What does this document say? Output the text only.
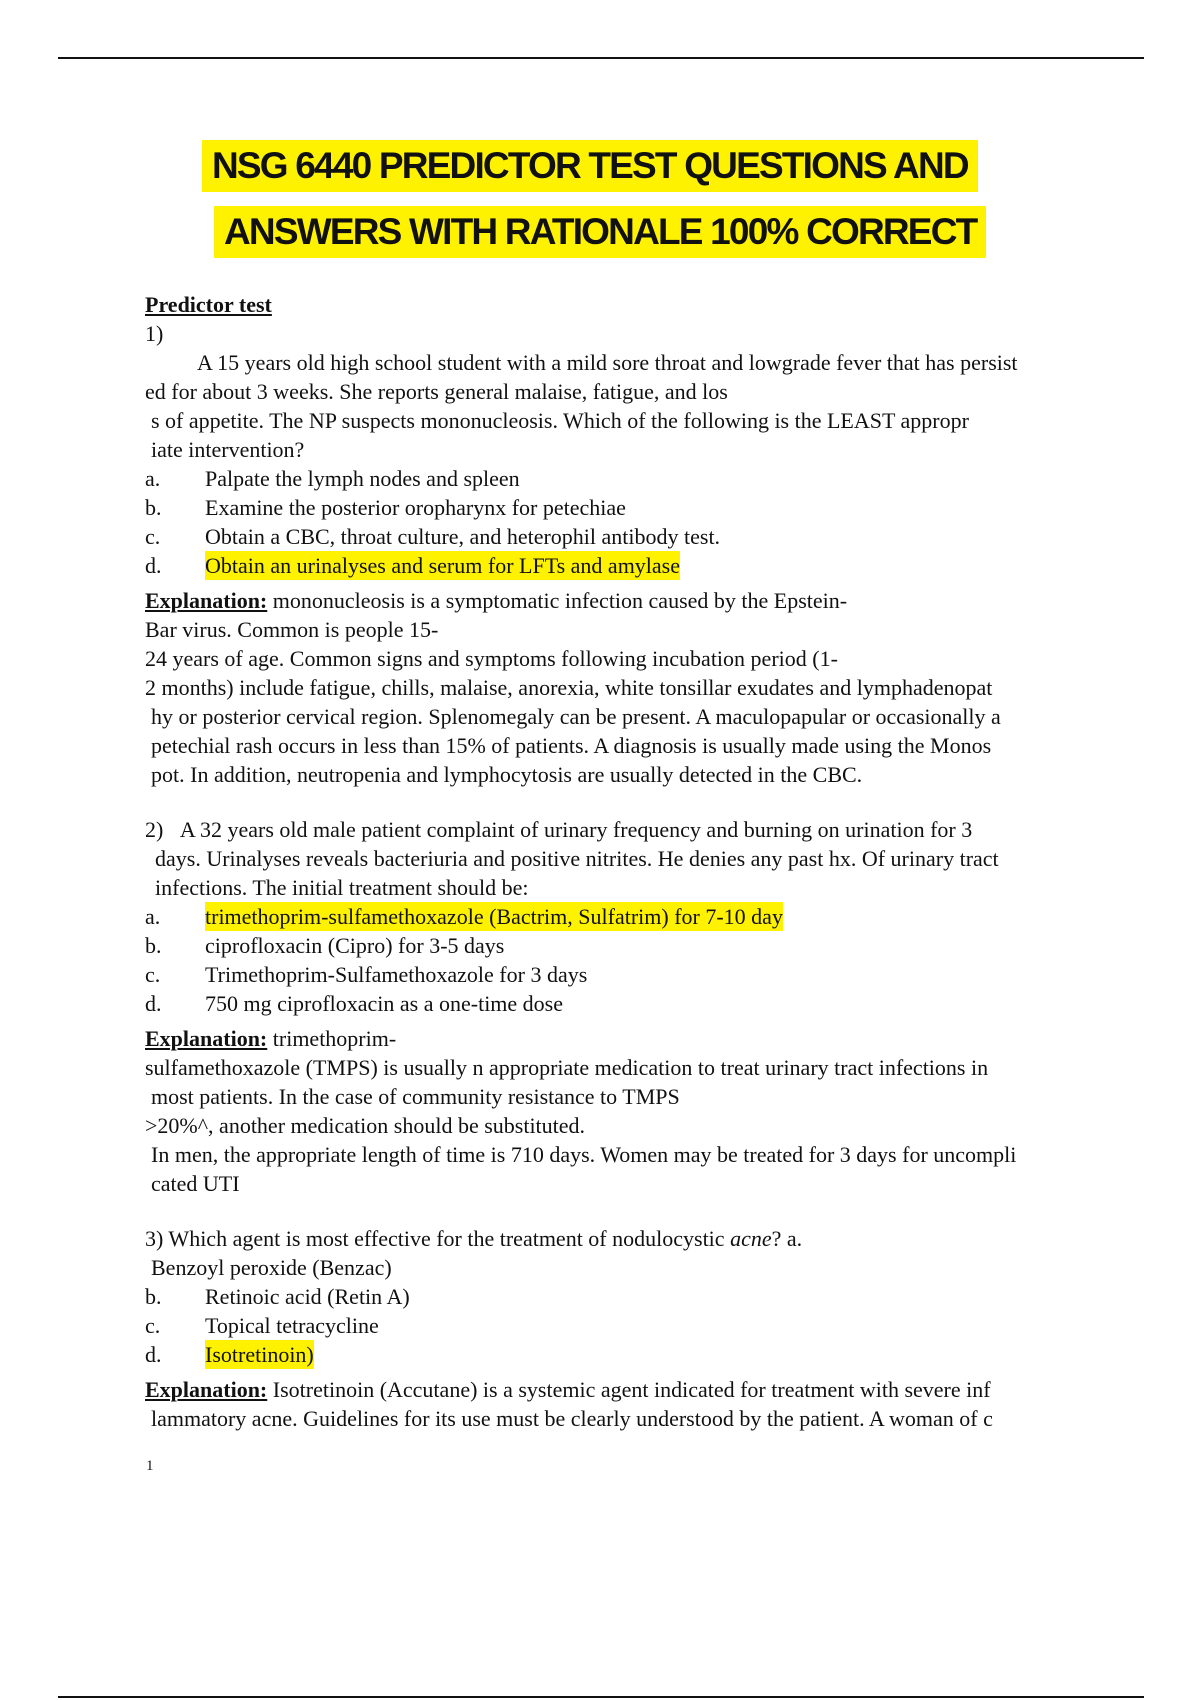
NSG 6440 PREDICTOR TEST QUESTIONS AND
ANSWERS WITH RATIONALE 100% CORRECT
Predictor test
1)
A 15 years old high school student with a mild sore throat and lowgrade fever that has persist
ed for about 3 weeks. She reports general malaise, fatigue, and los
s of appetite. The NP suspects mononucleosis. Which of the following is the LEAST appropr
iate intervention?
a.	Palpate the lymph nodes and spleen
b.	Examine the posterior oropharynx for petechiae
c.	Obtain a CBC, throat culture, and heterophil antibody test.
d.	Obtain an urinalyses and serum for LFTs and amylase
Explanation: mononucleosis is a symptomatic infection caused by the Epstein-
Bar virus. Common is people 15-
24 years of age. Common signs and symptoms following incubation period (1-
2 months) include fatigue, chills, malaise, anorexia, white tonsillar exudates and lymphadenopat
hy or posterior cervical region. Splenomegaly can be present. A maculopapular or occasionally a
petechial rash occurs in less than 15% of patients. A diagnosis is usually made using the Monos
pot. In addition, neutropenia and lymphocytosis are usually detected in the CBC.
2) A 32 years old male patient complaint of urinary frequency and burning on urination for 3
days. Urinalyses reveals bacteriuria and positive nitrites. He denies any past hx. Of urinary tract
infections. The initial treatment should be:
a.	trimethoprim-sulfamethoxazole (Bactrim, Sulfatrim) for 7-10 day
b.	ciprofloxacin (Cipro) for 3-5 days
c.	Trimethoprim-Sulfamethoxazole for 3 days
d.	750 mg ciprofloxacin as a one-time dose
Explanation: trimethoprim-
sulfamethoxazole (TMPS) is usually n appropriate medication to treat urinary tract infections in
most patients. In the case of community resistance to TMPS
>20%^, another medication should be substituted.
In men, the appropriate length of time is 710 days. Women may be treated for 3 days for uncompli
cated UTI
3) Which agent is most effective for the treatment of nodulocystic acne? a.
Benzoyl peroxide (Benzac)
b.	Retinoic acid (Retin A)
c.	Topical tetracycline
d.	Isotretinoin)
Explanation: Isotretinoin (Accutane) is a systemic agent indicated for treatment with severe inf
lammatory acne. Guidelines for its use must be clearly understood by the patient. A woman of c
1
